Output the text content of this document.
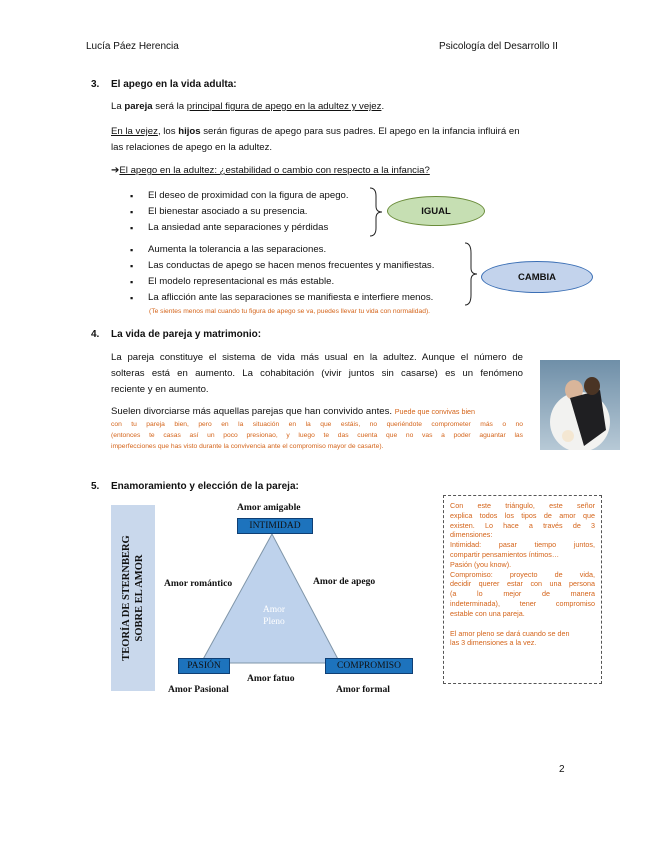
Lucía Páez Herencia	Psicología del Desarrollo II
3. El apego en la vida adulta:
La pareja será la principal figura de apego en la adultez y vejez.
En la vejez, los hijos serán figuras de apego para sus padres. El apego en la infancia influirá en
las relaciones de apego en la adultez.
➔El apego en la adultez: ¿estabilidad o cambio con respecto a la infancia?
▪ El deseo de proximidad con la figura de apego.
▪ El bienestar asociado a su presencia.
▪ La ansiedad ante separaciones y pérdidas
IGUAL
▪ Aumenta la tolerancia a las separaciones.
▪ Las conductas de apego se hacen menos frecuentes y manifiestas.
▪ El modelo representacional es más estable.
▪ La aflicción ante las separaciones se manifiesta e interfiere menos.
CAMBIA
(Te sientes menos mal cuando tu figura de apego se va, puedes llevar tu vida con normalidad).
4. La vida de pareja y matrimonio:
La pareja constituye el sistema de vida más usual en la adultez. Aunque el número de
solteras está en aumento. La cohabitación (vivir juntos sin casarse) es un fenómeno
reciente y en aumento.
Suelen divorciarse más aquellas parejas que han convivido antes. Puede que convivas bien
con tu pareja bien, pero en la situación en la que estáis, no queriéndote comprometer más o no
(entonces te casas así un poco presionao, y luego te das cuenta que no vas a poder aguantar las
imperfecciones que has visto durante la convivencia ante el compromiso mayor de casarte).
5. Enamoramiento y elección de la pareja:
TEORÍA DE STERNBERG SOBRE EL AMOR
Amor amigable
INTIMIDAD
Amor romántico	Amor de apego
Amor
Pleno
PASIÓN	COMPROMISO
Amor fatuo
Amor Pasional	Amor formal
Con este triángulo, este señor
explica todos los tipos de amor que
existen. Lo hace a través de 3
dimensiones:
Intimidad: pasar tiempo juntos,
compartir pensamientos íntimos…
Pasión (you know).
Compromiso: proyecto de vida,
decidir querer estar con una persona
(a lo mejor de manera
indeterminada), tener compromiso
estable con una pareja.
El amor pleno se dará cuando se den
las 3 dimensiones a la vez.
2
